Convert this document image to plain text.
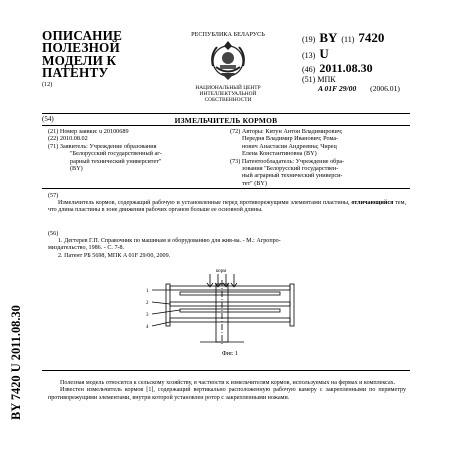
ОПИСАНИЕ
ПОЛЕЗНОЙ
МОДЕЛИ К
ПАТЕНТУ
(12)
РЕСПУБЛИКА БЕЛАРУСЬ
НАЦИОНАЛЬНЫЙ ЦЕНТР
ИНТЕЛЛЕКТУАЛЬНОЙ
СОБСТВЕННОСТИ
(19) BY (11) 7420
(13) U
(46) 2011.08.30
(51) МПК
A 01F 29/00 (2006.01)
(54)	ИЗМЕЛЬЧИТЕЛЬ КОРМОВ
(21) Номер заявки: u 20100689
(22) 2010.08.02
(71) Заявитель: Учреждение образования
"Белорусский государственный аг-
рарный технический университет"
(BY)
(72) Авторы: Китун Антон Владимирович;
Передня Владимир Иванович; Рома-
нович Анастасия Андреевна; Чирец
Елена Константиновна (BY)
(73) Патентообладатель: Учреждение обра-
зования "Белорусский государствен-
ный аграрный технический универси-
тет" (BY)
(57)
Измельчитель кормов, содержащий рабочую и установленные перед противорежущими элементами пластины, отличающийся тем, что длина пластины в зоне движения рабочих органов больше ее основной длины.
(56)
1. Дегтерев Г.П. Справочник по машинам и оборудованию для жив-ва. - М.: Агропро-
миздательство, 1986. - С. 7-8.
2. Патент РБ 5698, МПК A 01F 29/00, 2009.
корм
1
2
3
4
Фиг. 1
Полезная модель относится к сельскому хозяйству, в частности к измельчителям кормов, используемых на фермах и комплексах.
Известен измельчитель кормов [1], содержащий вертикально расположенную рабочую камеру с закрепленными по периметру противорежущими элементами, внутри которой установлен ротор с закрепленными ножами.
BY 7420 U 2011.08.30
